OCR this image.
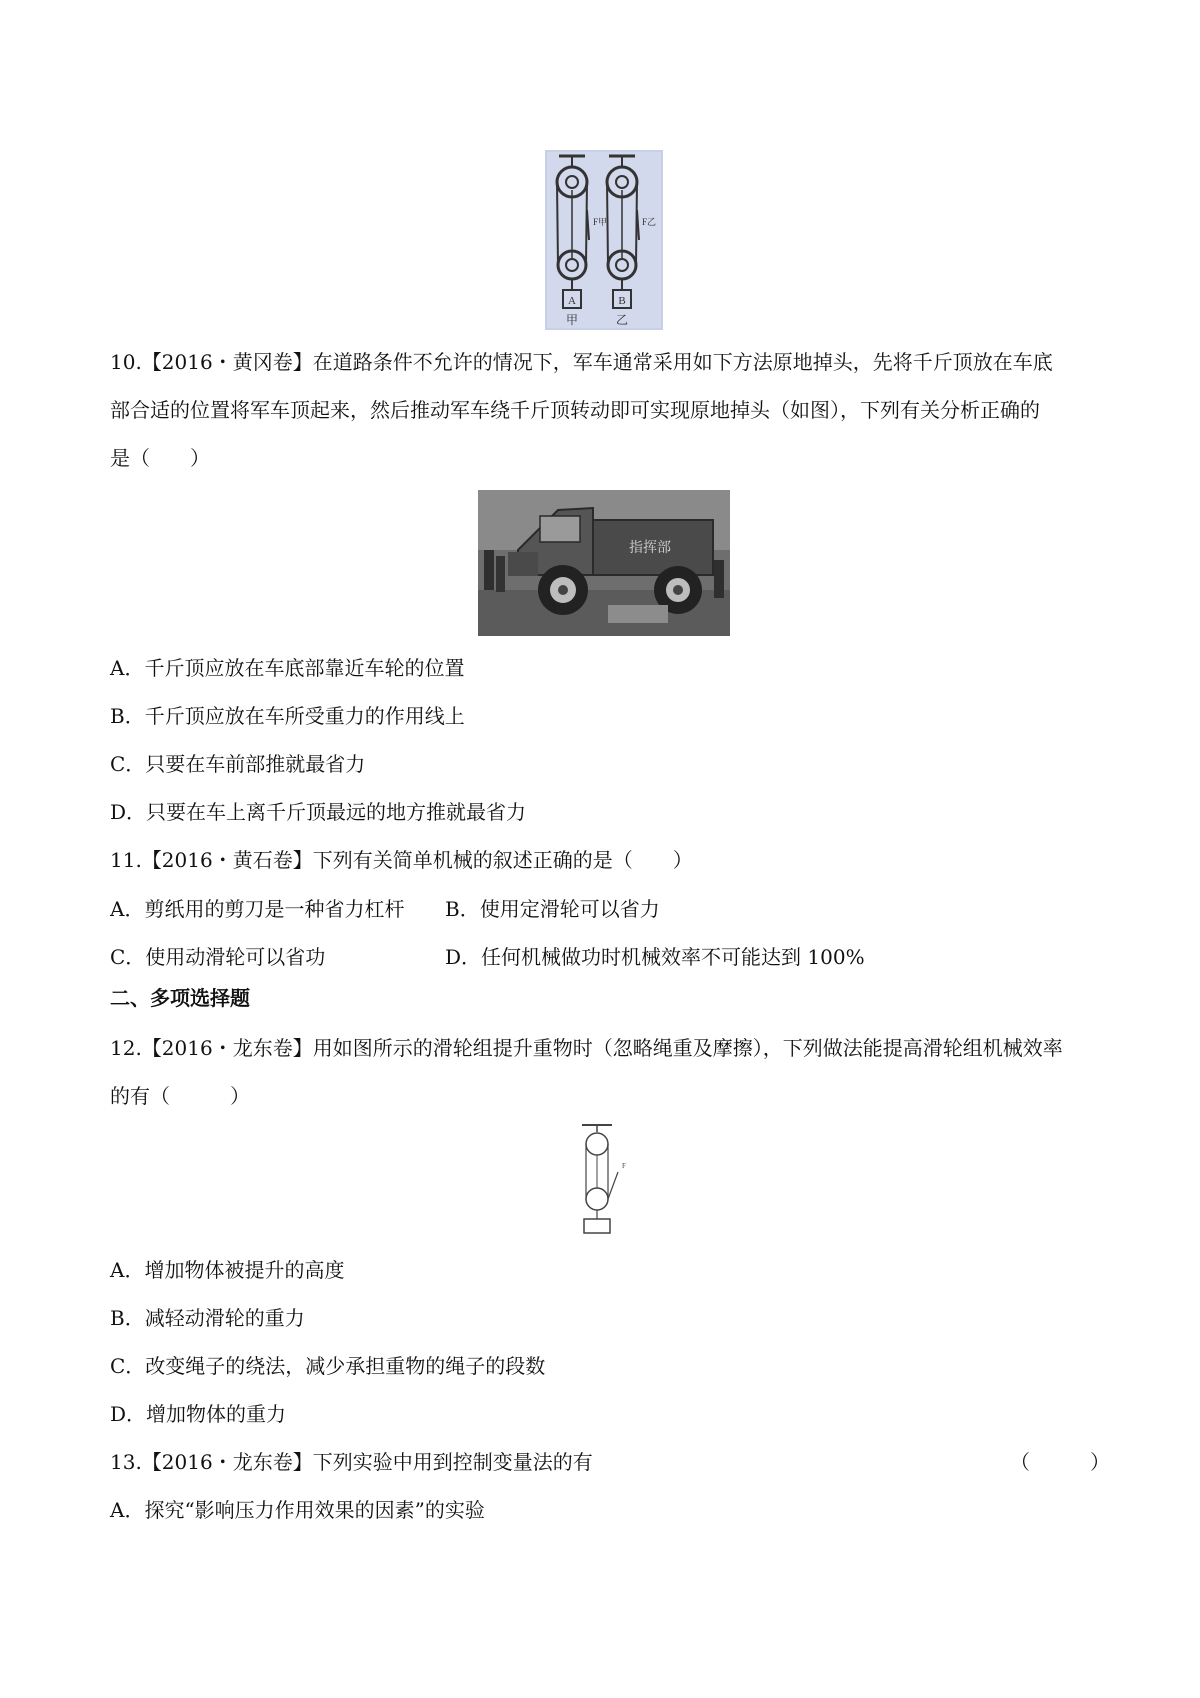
A
F甲
甲
B
F乙
乙
10.【2016・黄冈卷】在道路条件不允许的情况下，军车通常采用如下方法原地掉头，先将千斤顶放在车底
部合适的位置将军车顶起来，然后推动军车绕千斤顶转动即可实现原地掉头（如图），下列有关分析正确的
是（　　）
指挥部
A．千斤顶应放在车底部靠近车轮的位置
B．千斤顶应放在车所受重力的作用线上
C．只要在车前部推就最省力
D．只要在车上离千斤顶最远的地方推就最省力
11.【2016・黄石卷】下列有关简单机械的叙述正确的是（　　）
A．剪纸用的剪刀是一种省力杠杆 B．使用定滑轮可以省力
C．使用动滑轮可以省功	D．任何机械做功时机械效率不可能达到 100%
二、多项选择题
12.【2016・龙东卷】用如图所示的滑轮组提升重物时（忽略绳重及摩擦），下列做法能提高滑轮组机械效率
的有（　　　）
F
A．增加物体被提升的高度
B．减轻动滑轮的重力
C．改变绳子的绕法，减少承担重物的绳子的段数
D．增加物体的重力
13.【2016・龙东卷】下列实验中用到控制变量法的有	（　　　）
A．探究“影响压力作用效果的因素”的实验
